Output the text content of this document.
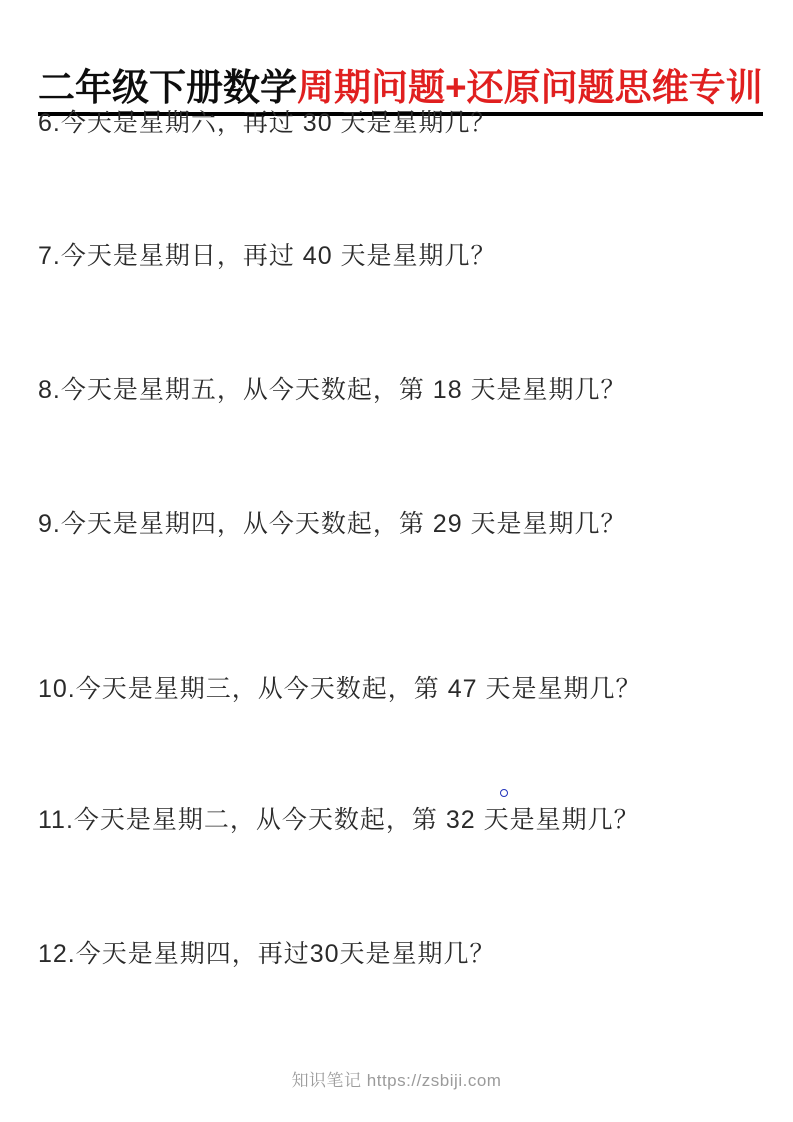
二年级下册数学周期问题+还原问题思维专训
6.今天是星期六，再过 30 天是星期几？
7.今天是星期日，再过 40 天是星期几？
8.今天是星期五，从今天数起，第 18 天是星期几？
9.今天是星期四，从今天数起，第 29 天是星期几？
10.今天是星期三，从今天数起，第 47 天是星期几？
11.今天是星期二，从今天数起，第 32 天是星期几？
12.今天是星期四，再过30天是星期几？
知识笔记 https://zsbiji.com
